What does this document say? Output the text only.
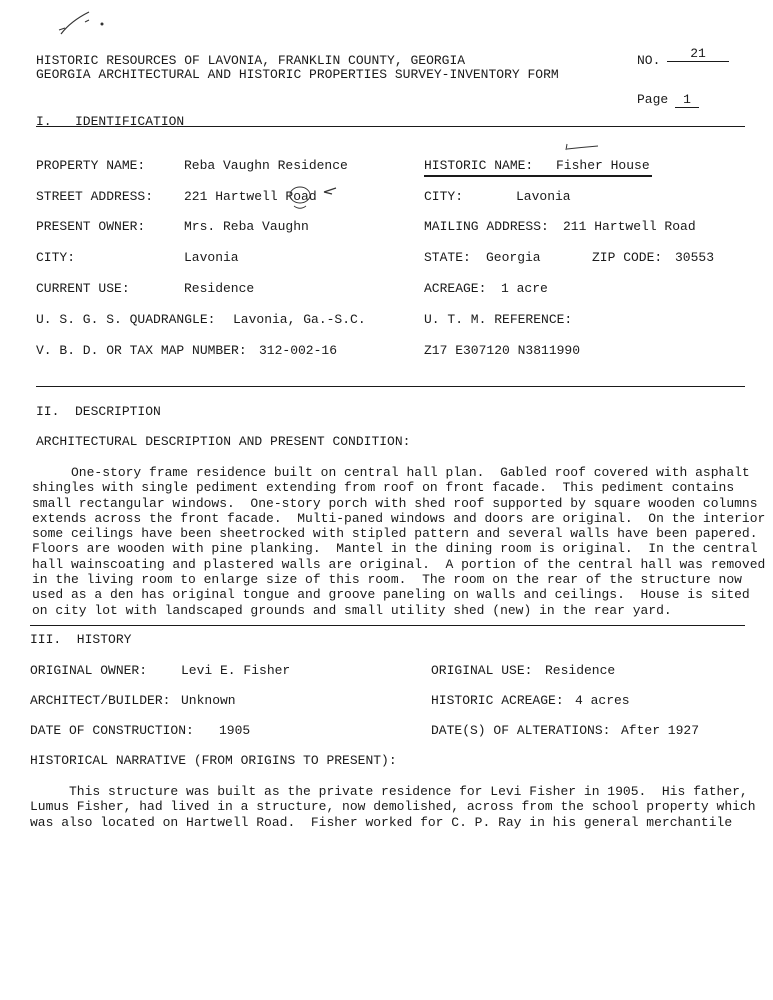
HISTORIC RESOURCES OF LAVONIA, FRANKLIN COUNTY, GEORGIA
GEORGIA ARCHITECTURAL AND HISTORIC PROPERTIES SURVEY-INVENTORY FORM
NO.	21
Page	1
I.   IDENTIFICATION
PROPERTY NAME:	Reba Vaughn Residence	HISTORIC NAME: Fisher House
STREET ADDRESS: 221 Hartwell Road	CITY:	Lavonia
PRESENT OWNER:	Mrs. Reba Vaughn	MAILING ADDRESS: 211 Hartwell Road
CITY:	Lavonia	STATE: Georgia	ZIP CODE: 30553
CURRENT USE:	Residence	ACREAGE: 1 acre
U. S. G. S. QUADRANGLE: Lavonia, Ga.-S.C.	U. T. M. REFERENCE:
V. B. D. OR TAX MAP NUMBER: 312-002-16	Z17 E307120 N3811990
II.  DESCRIPTION
ARCHITECTURAL DESCRIPTION AND PRESENT CONDITION:
One-story frame residence built on central hall plan.  Gabled roof covered with asphalt
shingles with single pediment extending from roof on front facade.  This pediment contains
small rectangular windows.  One-story porch with shed roof supported by square wooden columns
extends across the front facade.  Multi-paned windows and doors are original.  On the interior
some ceilings have been sheetrocked with stipled pattern and several walls have been papered.
Floors are wooden with pine planking.  Mantel in the dining room is original.  In the central
hall wainscoating and plastered walls are original.  A portion of the central hall was removed
in the living room to enlarge size of this room.  The room on the rear of the structure now
used as a den has original tongue and groove paneling on walls and ceilings.  House is sited
on city lot with landscaped grounds and small utility shed (new) in the rear yard.
III.  HISTORY
ORIGINAL OWNER:	Levi E. Fisher	ORIGINAL USE: Residence
ARCHITECT/BUILDER: Unknown	HISTORIC ACREAGE: 4 acres
DATE OF CONSTRUCTION: 1905	DATE(S) OF ALTERATIONS: After 1927
HISTORICAL NARRATIVE (FROM ORIGINS TO PRESENT):
This structure was built as the private residence for Levi Fisher in 1905.  His father,
Lumus Fisher, had lived in a structure, now demolished, across from the school property which
was also located on Hartwell Road.  Fisher worked for C. P. Ray in his general merchantile
